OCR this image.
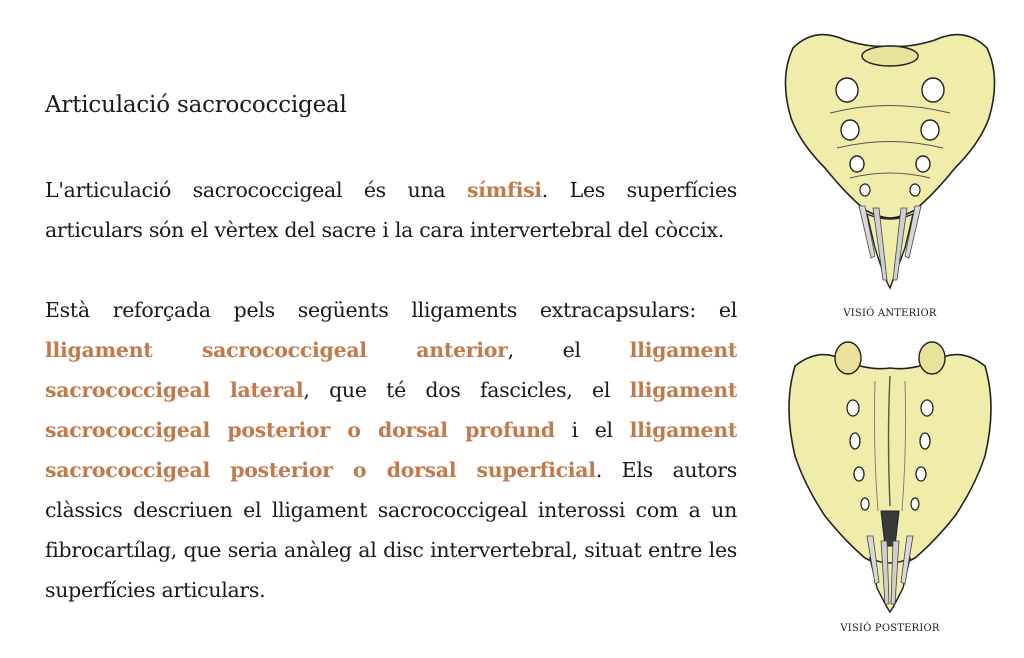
Articulació sacrococcigeal

L'articulació sacrococcigeal és una símfisi. Les superfícies articulars són el vèrtex del sacre i la cara intervertebral del còccix.

Està reforçada pels següents lligaments extracapsulars: el lligament sacrococcigeal anterior, el lligament sacrococcigeal lateral, que té dos fascicles, el lligament sacrococcigeal posterior o dorsal profund i el lligament sacrococcigeal posterior o dorsal superficial. Els autors clàssics descriuen el lligament sacrococcigeal interossi com a un fibrocartílag, que seria anàleg al disc intervertebral, situat entre les superfícies articulars.

VISIÓ ANTERIOR
VISIÓ POSTERIOR
